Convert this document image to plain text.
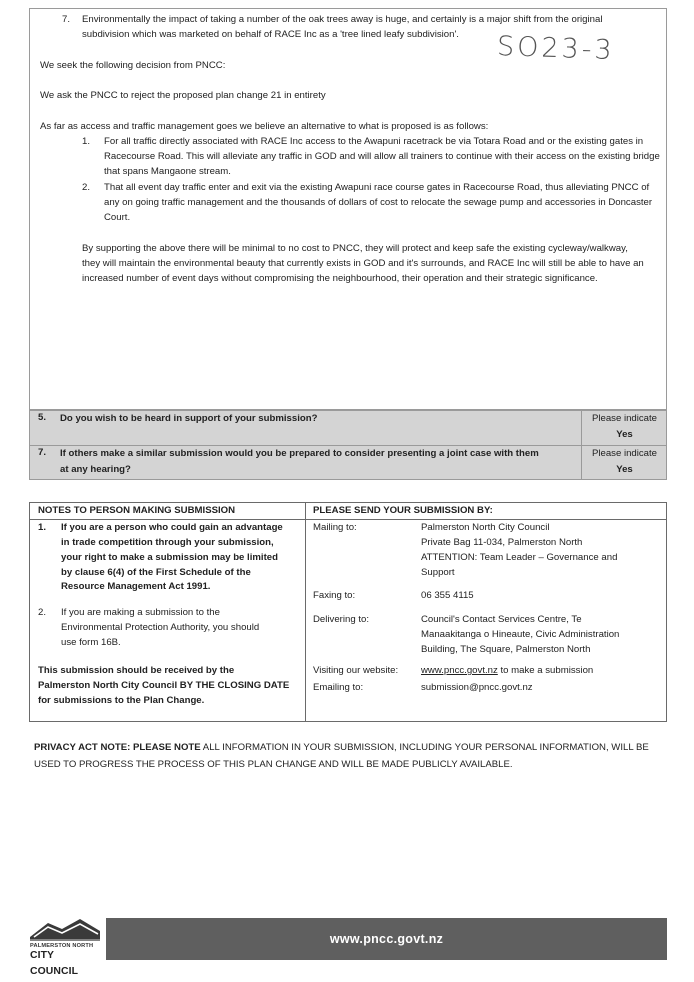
7. Environmentally the impact of taking a number of the oak trees away is huge, and certainly is a major shift from the original

subdivision which was marketed on behalf of RACE Inc as a 'tree lined leafy subdivision'. SO23-3

We seek the following decision from PNCC:

We ask the PNCC to reject the proposed plan change 21 in entirety

As far as access and traffic management goes we believe an alternative to what is proposed is as follows:

1. For all traffic directly associated with RACE Inc access to the Awapuni racetrack be via Totara Road and or the existing gates in

Racecourse Road. This will alleviate any traffic in GOD and will allow all trainers to continue with their access on the existing bridge

that spans Mangaone stream.

2. That all event day traffic enter and exit via the existing Awapuni race course gates in Racecourse Road, thus alleviating PNCC of

any on going traffic management and the thousands of dollars of cost to relocate the sewage pump and accessories in Doncaster

Court.

By supporting the above there will be minimal to no cost to PNCC, they will protect and keep safe the existing cycleway/walkway,

they will maintain the environmental beauty that currently exists in GOD and it's surrounds, and RACE Inc will still be able to have an

increased number of event days without compromising the neighbourhood, their operation and their strategic significance.

5. Do you wish to be heard in support of your submission?	Please indicate
Yes
7. If others make a similar submission would you be prepared to consider presenting a joint case with them
at any hearing?
Please indicate
Yes
NOTES TO PERSON MAKING SUBMISSION	PLEASE SEND YOUR SUBMISSION BY:
1. If you are a person who could gain an advantage
in trade competition through your submission,
your right to make a submission may be limited
by clause 6(4) of the First Schedule of the
Resource Management Act 1991.
2. If you are making a submission to the
Environmental Protection Authority, you should
use form 16B.
This submission should be received by the
Palmerston North City Council BY THE CLOSING DATE
for submissions to the Plan Change.
Mailing to:	Palmerston North City Council
Private Bag 11-034, Palmerston North
ATTENTION: Team Leader – Governance and
Support
Faxing to:	06 355 4115
Delivering to:	Council's Contact Services Centre, Te
Manaakitanga o Hineaute, Civic Administration
Building, The Square, Palmerston North
Visiting our website: www.pncc.govt.nz to make a submission
Emailing to:	submission@pncc.govt.nz
PRIVACY ACT NOTE: PLEASE NOTE ALL INFORMATION IN YOUR SUBMISSION, INCLUDING YOUR PERSONAL INFORMATION, WILL BE USED TO PROGRESS THE PROCESS OF THIS PLAN CHANGE AND WILL BE MADE PUBLICLY AVAILABLE.
PALMERSTON NORTH
CITY COUNCIL
www.pncc.govt.nz
